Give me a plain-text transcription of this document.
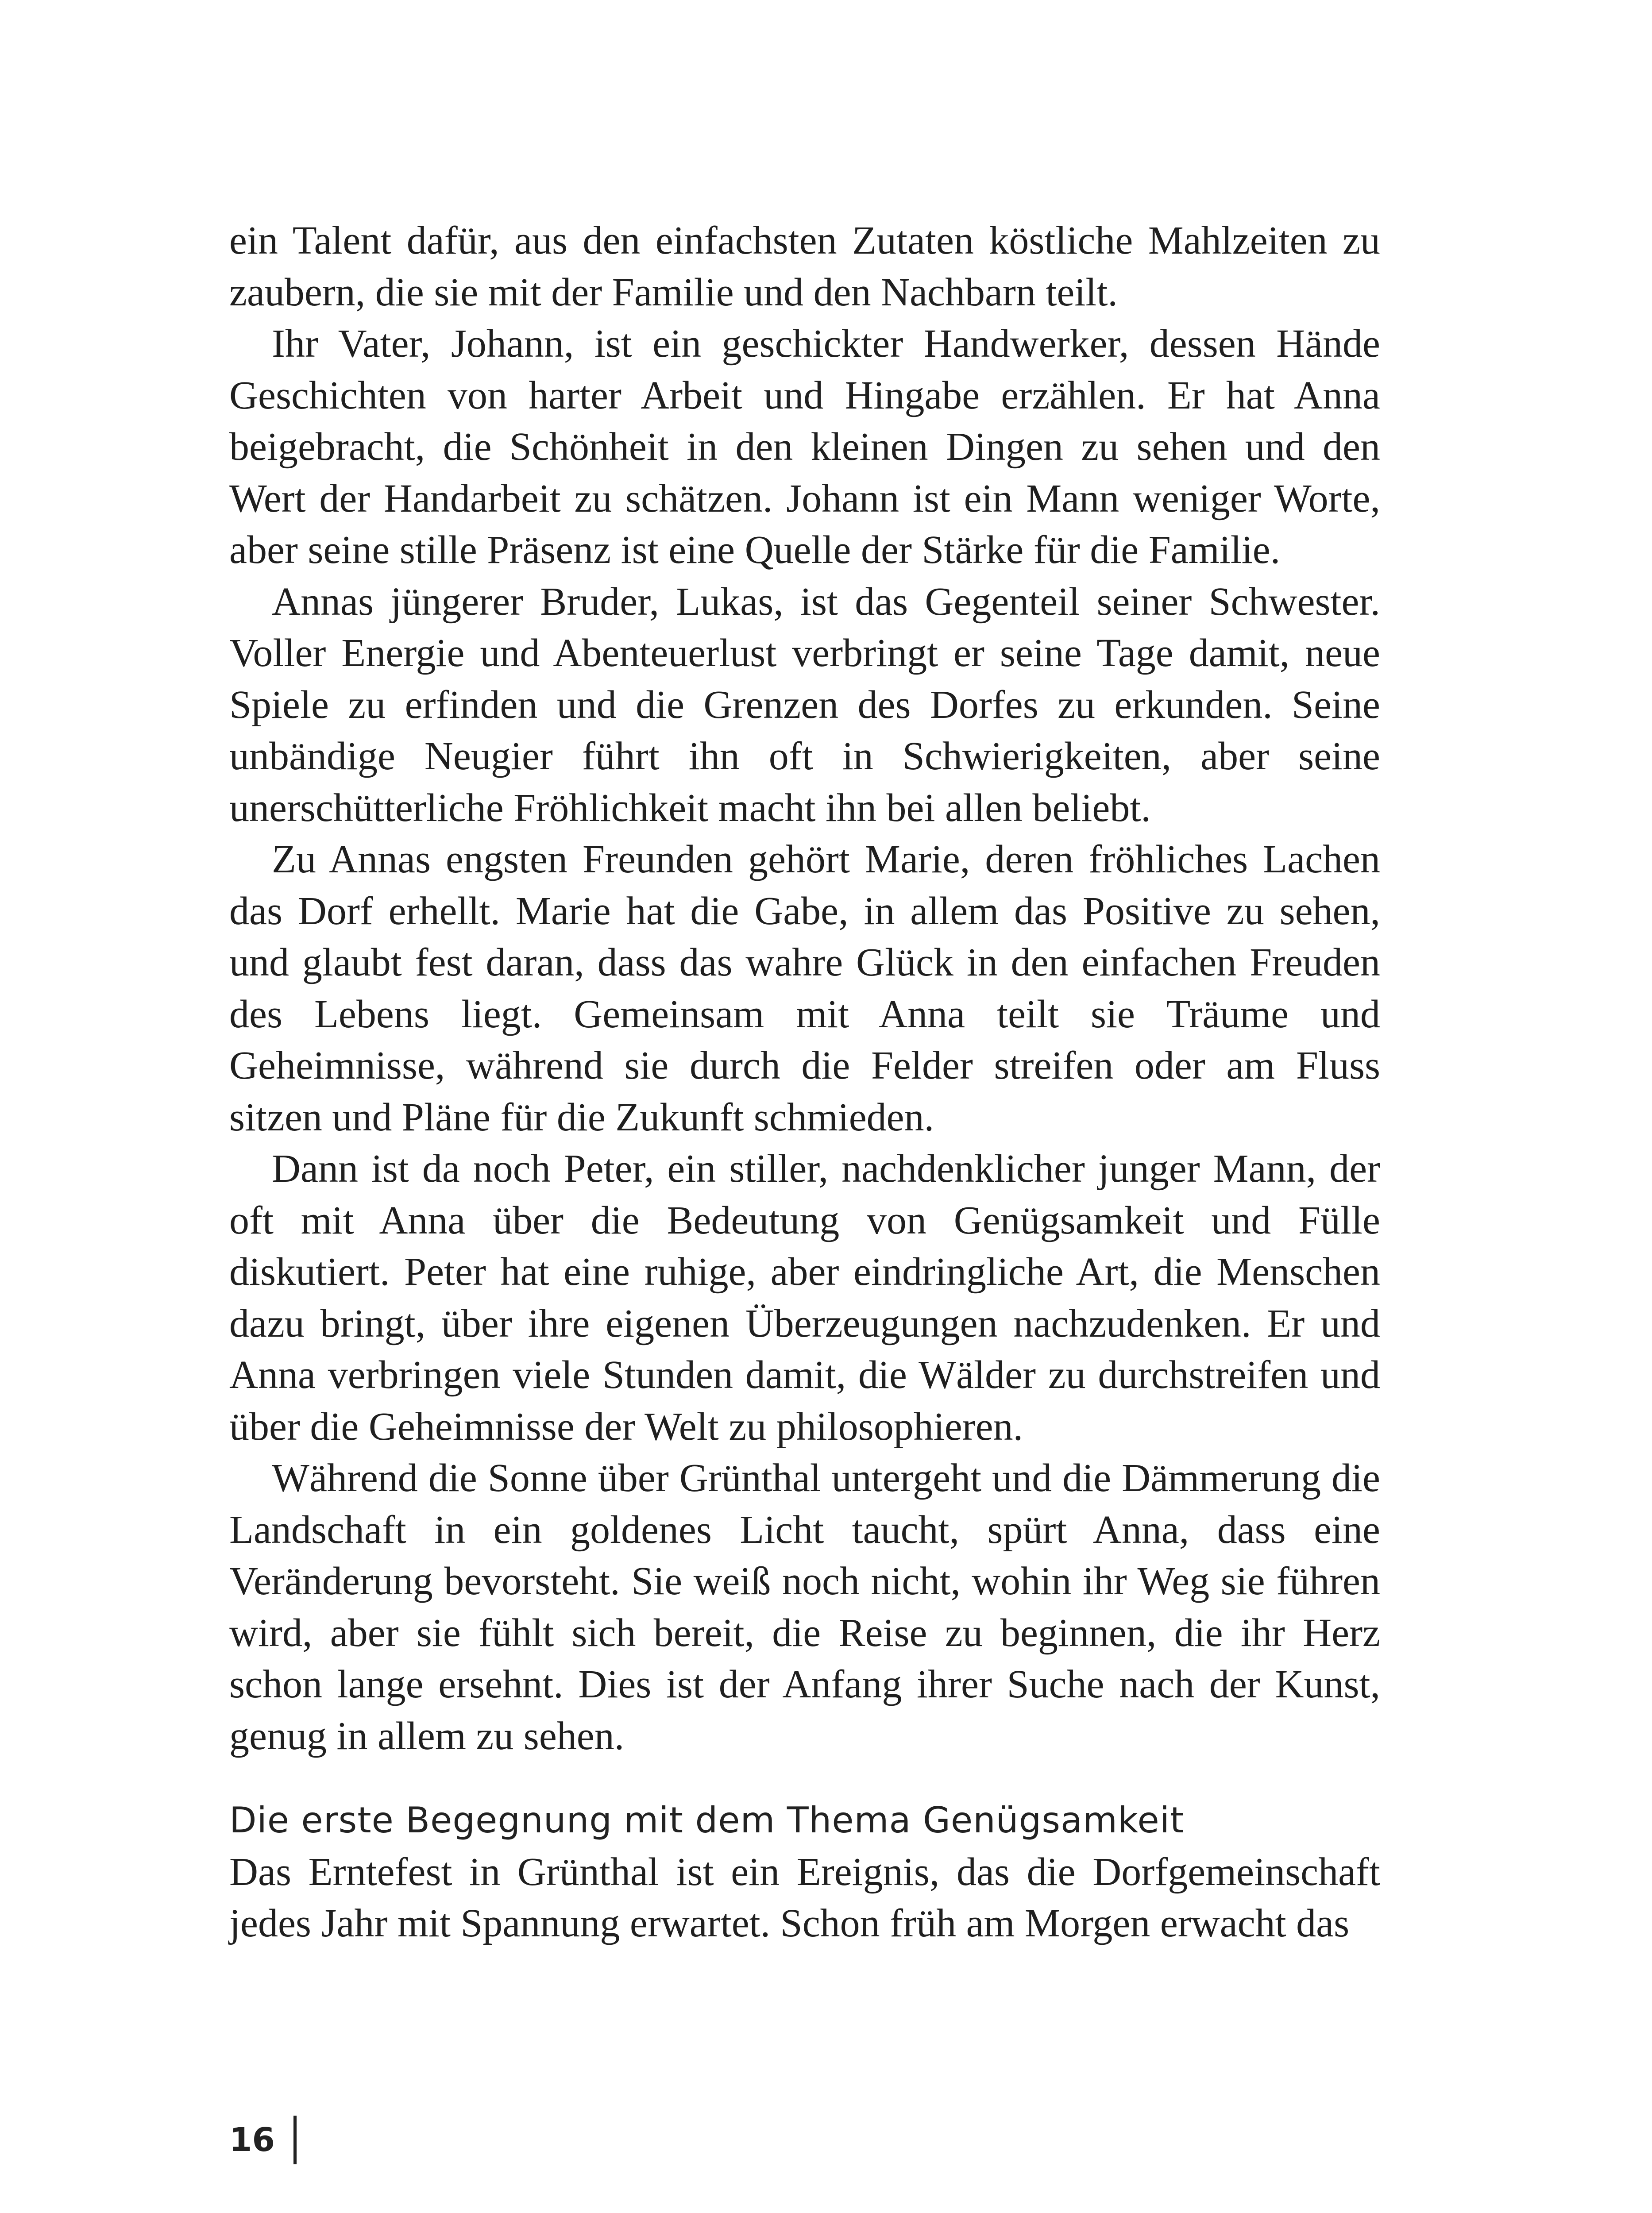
ein Talent dafür, aus den einfachsten Zutaten köstliche Mahlzeiten zu zaubern, die sie mit der Familie und den Nachbarn teilt.

Ihr Vater, Johann, ist ein geschickter Handwerker, dessen Hände Geschichten von harter Arbeit und Hingabe erzählen. Er hat Anna beigebracht, die Schönheit in den kleinen Dingen zu sehen und den Wert der Handarbeit zu schätzen. Johann ist ein Mann weniger Worte, aber seine stille Präsenz ist eine Quelle der Stärke für die Familie.

Annas jüngerer Bruder, Lukas, ist das Gegenteil seiner Schwester. Voller Energie und Abenteuerlust verbringt er seine Tage damit, neue Spiele zu erfinden und die Grenzen des Dorfes zu erkunden. Seine unbändige Neugier führt ihn oft in Schwierigkeiten, aber seine unerschütterliche Fröhlichkeit macht ihn bei allen beliebt.

Zu Annas engsten Freunden gehört Marie, deren fröhliches Lachen das Dorf erhellt. Marie hat die Gabe, in allem das Positive zu sehen, und glaubt fest daran, dass das wahre Glück in den einfachen Freuden des Lebens liegt. Gemeinsam mit Anna teilt sie Träume und Geheimnisse, während sie durch die Felder streifen oder am Fluss sitzen und Pläne für die Zukunft schmieden.

Dann ist da noch Peter, ein stiller, nachdenklicher junger Mann, der oft mit Anna über die Bedeutung von Genügsamkeit und Fülle diskutiert. Peter hat eine ruhige, aber eindringliche Art, die Menschen dazu bringt, über ihre eigenen Überzeugungen nachzudenken. Er und Anna verbringen viele Stunden damit, die Wälder zu durchstreifen und über die Geheimnisse der Welt zu philosophieren.

Während die Sonne über Grünthal untergeht und die Dämmerung die Landschaft in ein goldenes Licht taucht, spürt Anna, dass eine Veränderung bevorsteht. Sie weiß noch nicht, wohin ihr Weg sie führen wird, aber sie fühlt sich bereit, die Reise zu beginnen, die ihr Herz schon lange ersehnt. Dies ist der Anfang ihrer Suche nach der Kunst, genug in allem zu sehen.

Die erste Begegnung mit dem Thema Genügsamkeit

Das Erntefest in Grünthal ist ein Ereignis, das die Dorfgemeinschaft jedes Jahr mit Spannung erwartet. Schon früh am Morgen erwacht das

16
